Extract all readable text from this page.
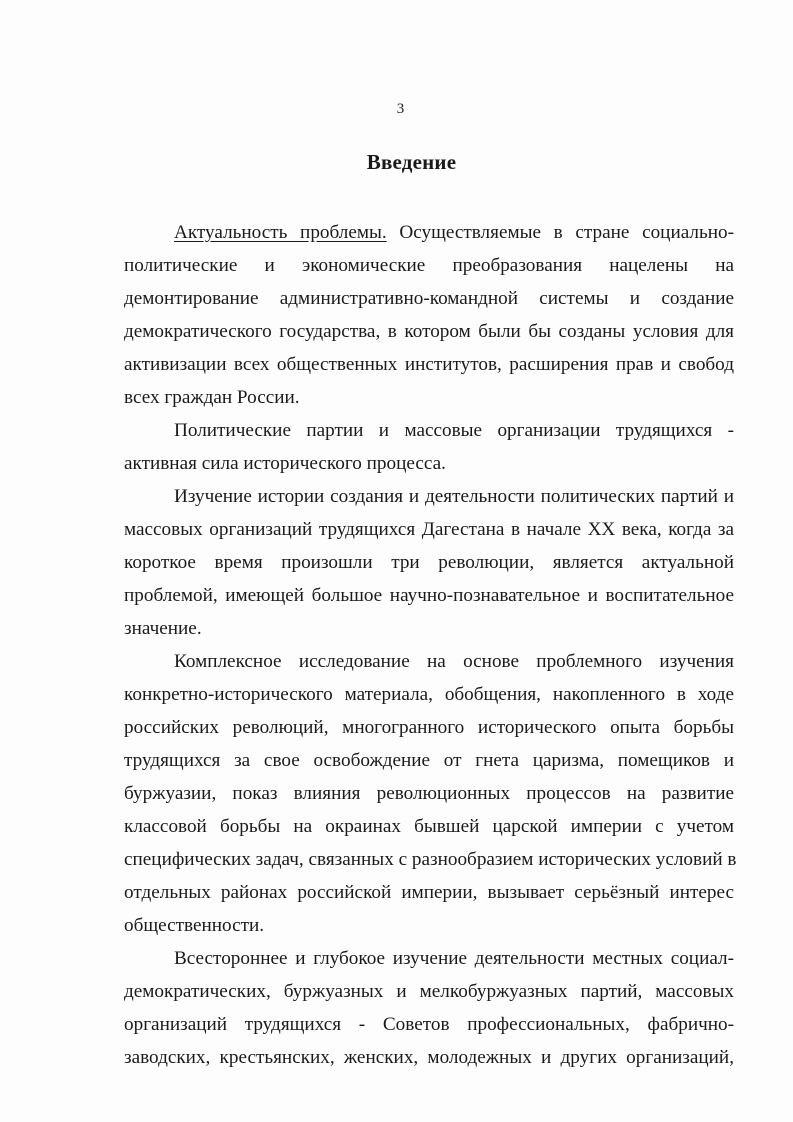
3
Введение
Актуальность проблемы. Осуществляемые в стране социально-
политические и экономические преобразования нацелены на
демонтирование административно-командной системы и создание
демократического государства, в котором были бы созданы условия для
активизации всех общественных институтов, расширения прав и свобод
всех граждан России.
Политические партии и массовые организации трудящихся -
активная сила исторического процесса.
Изучение истории создания и деятельности политических партий и
массовых организаций трудящихся Дагестана в начале XX века, когда за
короткое время произошли три революции, является актуальной
проблемой, имеющей большое научно-познавательное и воспитательное
значение.
Комплексное исследование на основе проблемного изучения
конкретно-исторического материала, обобщения, накопленного в ходе
российских революций, многогранного исторического опыта борьбы
трудящихся за свое освобождение от гнета царизма, помещиков и
буржуазии, показ влияния революционных процессов на развитие
классовой борьбы на окраинах бывшей царской империи с учетом
специфических задач, связанных с разнообразием исторических условий в
отдельных районах российской империи, вызывает серьёзный интерес
общественности.
Всестороннее и глубокое изучение деятельности местных социал-
демократических, буржуазных и мелкобуржуазных партий, массовых
организаций трудящихся - Советов профессиональных, фабрично-
заводских, крестьянских, женских, молодежных и других организаций,
